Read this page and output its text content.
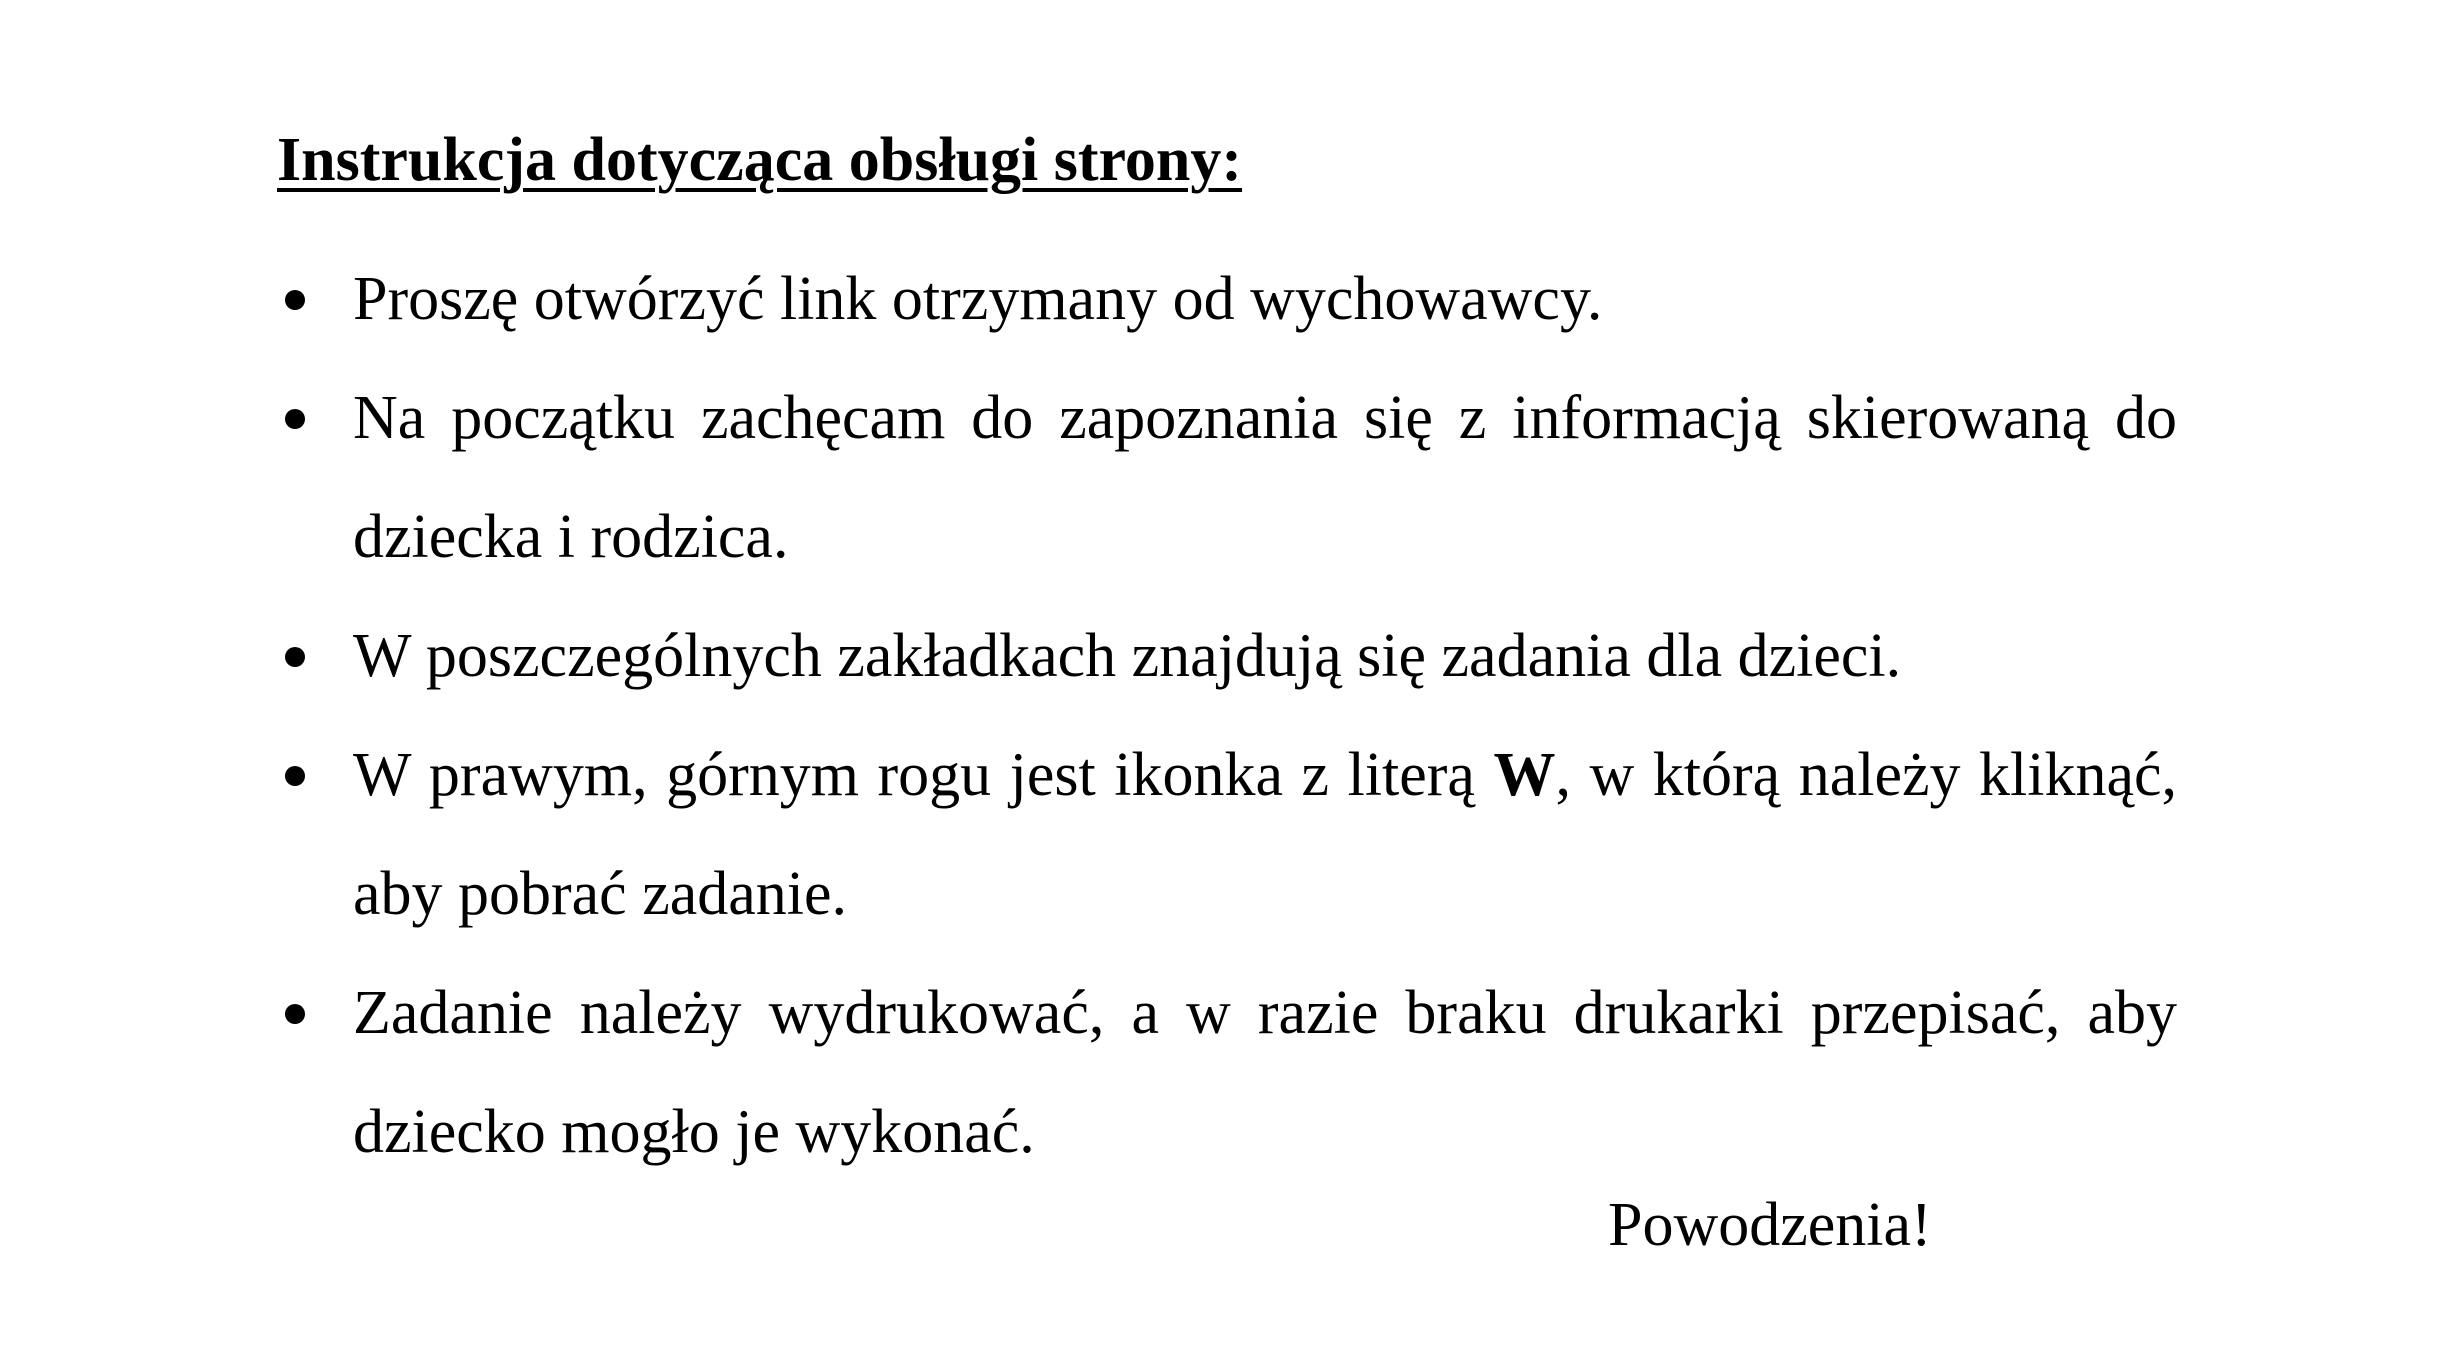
Instrukcja dotycząca obsługi strony:
Proszę otwórzyć link otrzymany od wychowawcy.
Na początku zachęcam do zapoznania się z informacją skierowaną do dziecka i rodzica.
W poszczególnych zakładkach znajdują się zadania dla dzieci.
W prawym, górnym rogu jest ikonka z literą W, w którą należy kliknąć, aby pobrać zadanie.
Zadanie należy wydrukować, a w razie braku drukarki przepisać, aby dziecko mogło je wykonać.

Powodzenia!
